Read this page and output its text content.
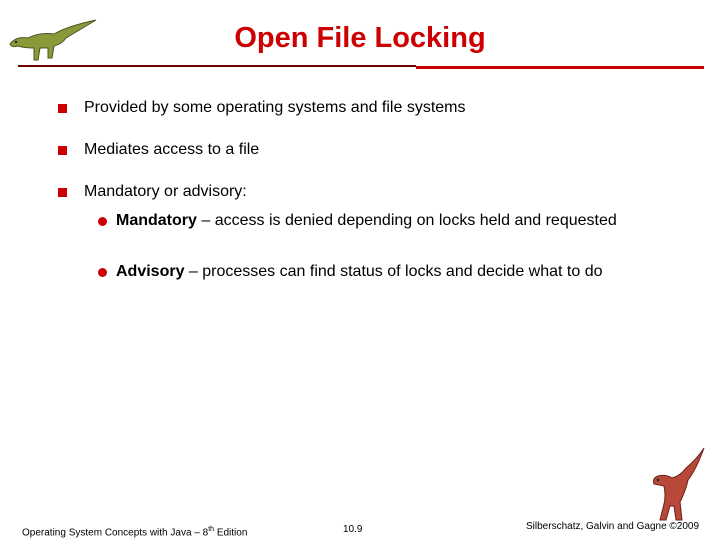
Open File Locking
Provided by some operating systems and file systems
Mediates access to a file
Mandatory or advisory:
Mandatory – access is denied depending on locks held and requested
Advisory – processes can find status of locks and decide what to do
Operating System Concepts with Java – 8th Edition	10.9	Silberschatz, Galvin and Gagne ©2009
